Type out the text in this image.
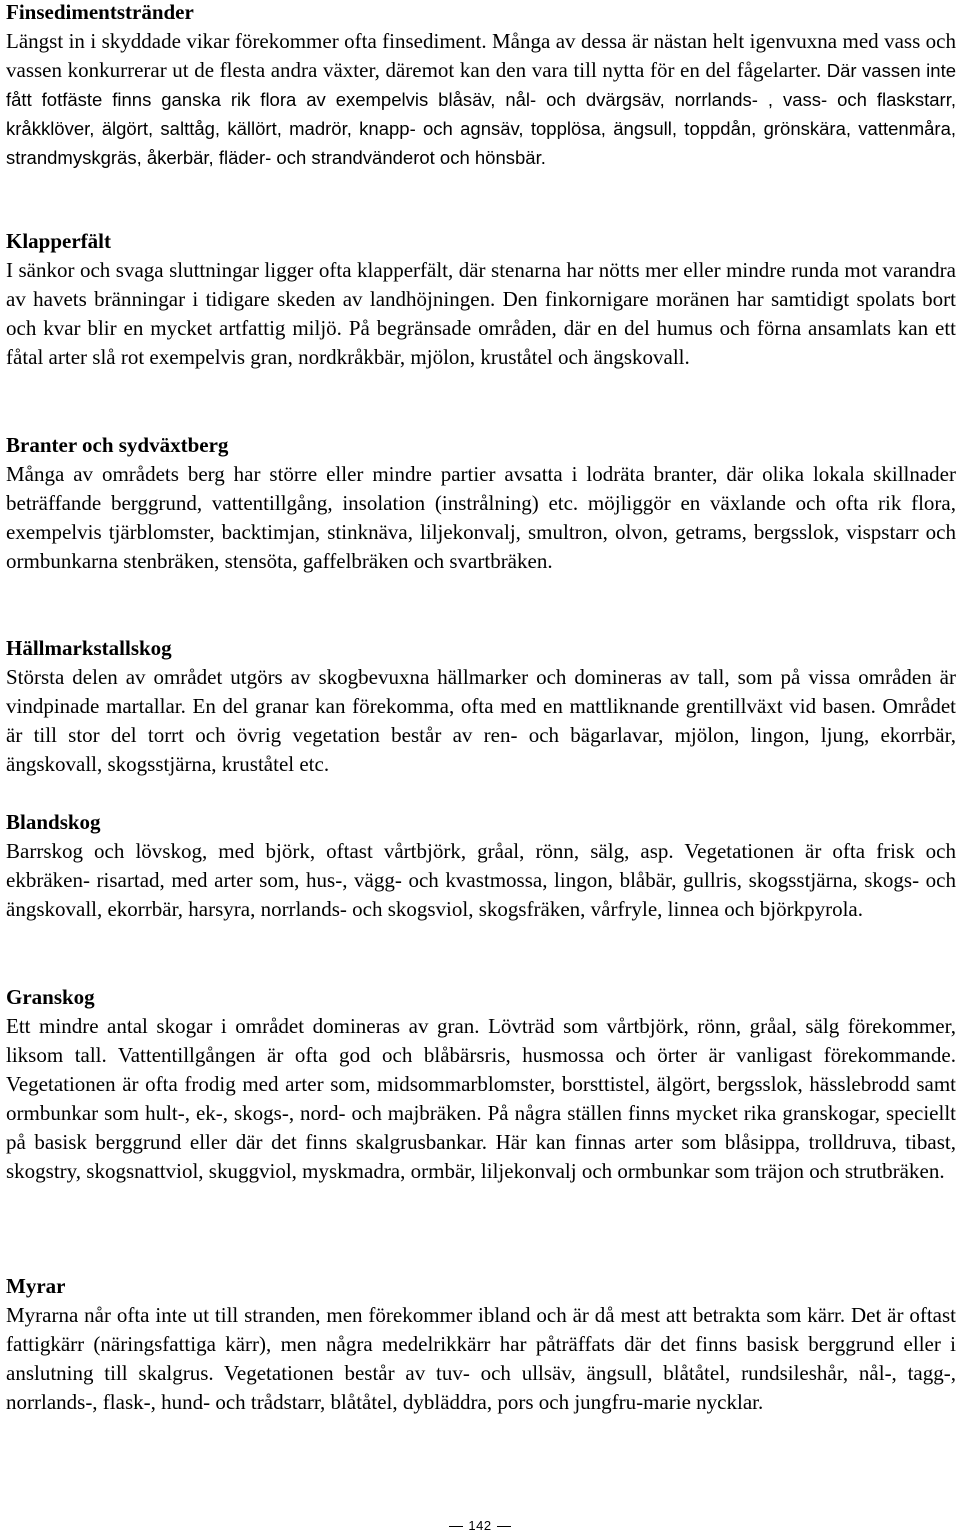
Finsedimentstränder

Längst in i skyddade vikar förekommer ofta finsediment. Många av dessa är nästan helt igenvuxna med vass och vassen konkurrerar ut de flesta andra växter, däremot kan den vara till nytta för en del fågelarter. Där vassen inte fått fotfäste finns ganska rik flora av exempelvis blåsäv, nål- och dvärgsäv, norrlands- , vass- och flaskstarr, kråkklöver, älgört, salttåg, källört, madrör, knapp- och agnsäv, topplösa, ängsull, toppdån, grönskära, vattenmåra, strandmyskgräs, åkerbär, fläder- och strandvänderot och hönsbär.

Klapperfält

I sänkor och svaga sluttningar ligger ofta klapperfält, där stenarna har nötts mer eller mindre runda mot varandra av havets bränningar i tidigare skeden av landhöjningen. Den finkornigare moränen har samtidigt spolats bort och kvar blir en mycket artfattig miljö. På begränsade områden, där en del humus och förna ansamlats kan ett fåtal arter slå rot exempelvis gran, nordkråkbär, mjölon, kruståtel och ängskovall.

Branter och sydväxtberg

Många av områdets berg har större eller mindre partier avsatta i lodräta branter, där olika lokala skillnader beträffande berggrund, vattentillgång, insolation (instrålning) etc. möjliggör en växlande och ofta rik flora, exempelvis tjärblomster, backtimjan, stinknäva, liljekonvalj, smultron, olvon, getrams, bergsslok, vispstarr och ormbunkarna stenbräken, stensöta, gaffelbräken och svartbräken.

Hällmarkstallskog

Största delen av området utgörs av skogbevuxna hällmarker och domineras av tall, som på vissa områden är vindpinade martallar. En del granar kan förekomma, ofta med en mattliknande grentillväxt vid basen. Området är till stor del torrt och övrig vegetation består av ren- och bägarlavar, mjölon, lingon, ljung, ekorrbär, ängskovall, skogsstjärna, kruståtel etc.

Blandskog

Barrskog och lövskog, med björk, oftast vårtbjörk, gråal, rönn, sälg, asp. Vegetationen är ofta frisk och ekbräken- risartad, med arter som, hus-, vägg- och kvastmossa, lingon, blåbär, gullris, skogsstjärna, skogs- och ängskovall, ekorrbär, harsyra, norrlands- och skogsviol, skogsfräken, vårfryle, linnea och björkpyrola.

Granskog

Ett mindre antal skogar i området domineras av gran. Lövträd som vårtbjörk, rönn, gråal, sälg förekommer, liksom tall. Vattentillgången är ofta god och blåbärsris, husmossa och örter är vanligast förekommande. Vegetationen är ofta frodig med arter som, midsommarblomster, borsttistel, älgört, bergsslok, hässlebrodd samt ormbunkar som hult-, ek-, skogs-, nord- och majbräken. På några ställen finns mycket rika granskogar, speciellt på basisk berggrund eller där det finns skalgrusbankar. Här kan finnas arter som blåsippa, trolldruva, tibast, skogstry, skogsnattviol, skuggviol, myskmadra, ormbär, liljekonvalj och ormbunkar som träjon och strutbräken.

Myrar

Myrarna når ofta inte ut till stranden, men förekommer ibland och är då mest att betrakta som kärr. Det är oftast fattigkärr (näringsfattiga kärr), men några medelrikkärr har påträffats där det finns basisk berggrund eller i anslutning till skalgrus. Vegetationen består av tuv- och ullsäv, ängsull, blåtåtel, rundsileshår, nål-, tagg-, norrlands-, flask-, hund- och trådstarr, blåtåtel, dybläddra, pors och jungfru-marie nycklar.

142
